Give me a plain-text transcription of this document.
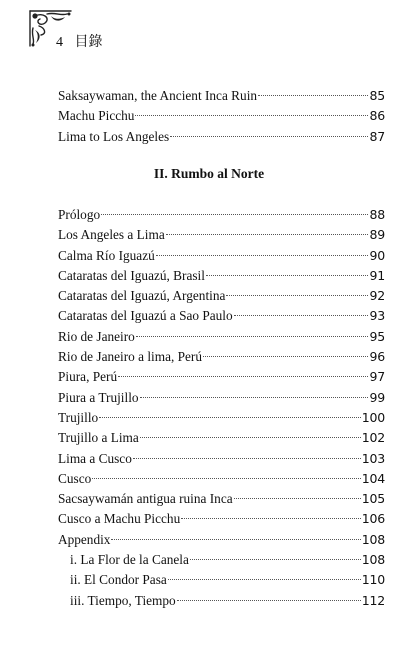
4 目錄
Saksaywaman, the Ancient Inca Ruin	85
Machu Picchu	86
Lima to Los Angeles	87
II. Rumbo al Norte
Prólogo	88
Los Angeles a Lima	89
Calma Río Iguazú	90
Cataratas del Iguazú, Brasil	91
Cataratas del Iguazú, Argentina	92
Cataratas del Iguazú a Sao Paulo	93
Rio de Janeiro	95
Rio de Janeiro a lima, Perú	96
Piura, Perú	97
Piura a Trujillo	99
Trujillo	100
Trujillo a Lima	102
Lima a Cusco	103
Cusco	104
Sacsaywamán antigua ruina Inca	105
Cusco a Machu Picchu	106
Appendix	108
i. La Flor de la Canela	108
ii. El Condor Pasa	110
iii. Tiempo, Tiempo	112
